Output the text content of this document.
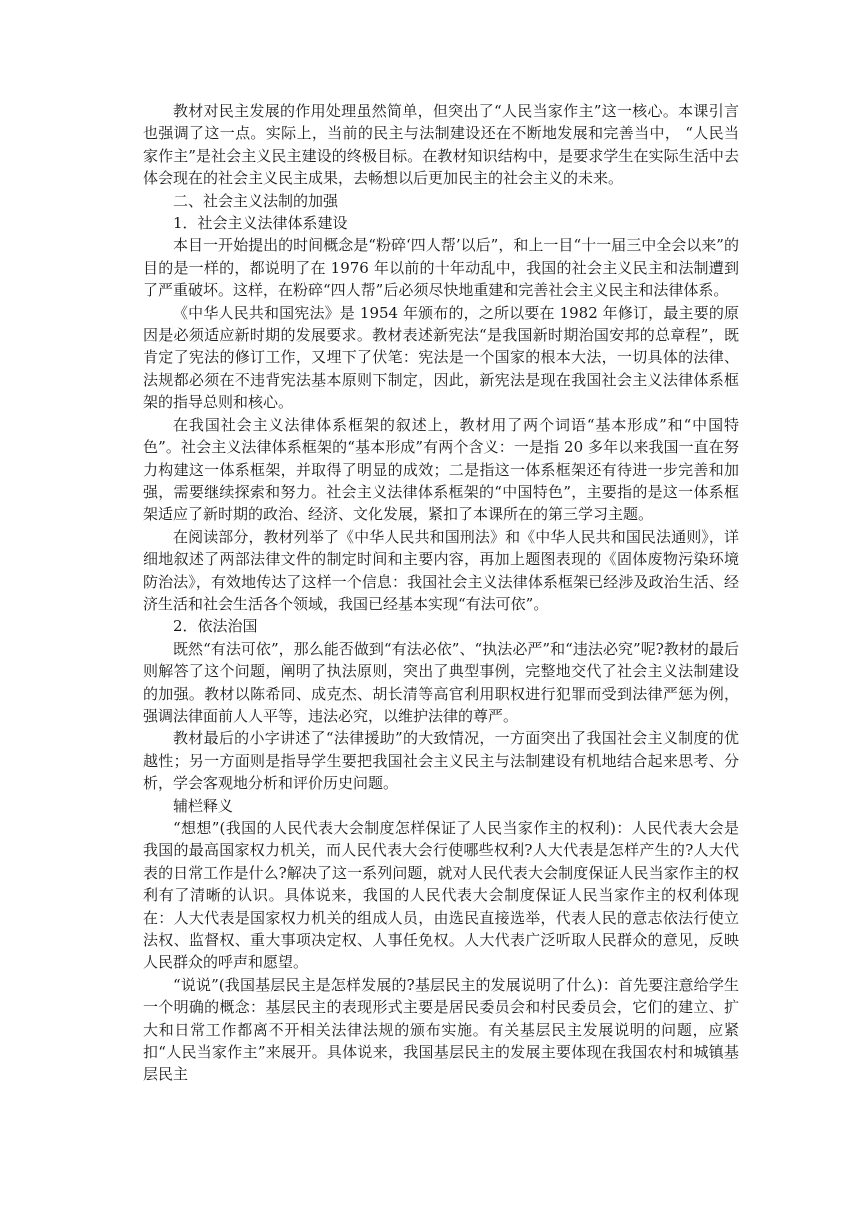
教材对民主发展的作用处理虽然简单，但突出了“人民当家作主”这一核心。本课引言也强调了这一点。实际上，当前的民主与法制建设还在不断地发展和完善当中， “人民当家作主”是社会主义民主建设的终极目标。在教材知识结构中，是要求学生在实际生活中去体会现在的社会主义民主成果，去畅想以后更加民主的社会主义的未来。

二、社会主义法制的加强

1．社会主义法律体系建设

本目一开始提出的时间概念是“粉碎‘四人帮’以后”，和上一目“十一届三中全会以来”的目的是一样的，都说明了在 1976 年以前的十年动乱中，我国的社会主义民主和法制遭到了严重破坏。这样，在粉碎“四人帮”后必须尽快地重建和完善社会主义民主和法律体系。

《中华人民共和国宪法》是 1954 年颁布的，之所以要在 1982 年修订，最主要的原因是必须适应新时期的发展要求。教材表述新宪法“是我国新时期治国安邦的总章程”，既肯定了宪法的修订工作，又埋下了伏笔：宪法是一个国家的根本大法，一切具体的法律、法规都必须在不违背宪法基本原则下制定，因此，新宪法是现在我国社会主义法律体系框架的指导总则和核心。

在我国社会主义法律体系框架的叙述上，教材用了两个词语“基本形成”和“中国特色”。社会主义法律体系框架的“基本形成”有两个含义：一是指 20 多年以来我国一直在努力构建这一体系框架，并取得了明显的成效；二是指这一体系框架还有待进一步完善和加强，需要继续探索和努力。社会主义法律体系框架的“中国特色”，主要指的是这一体系框架适应了新时期的政治、经济、文化发展，紧扣了本课所在的第三学习主题。

在阅读部分，教材列举了《中华人民共和国刑法》和《中华人民共和国民法通则》，详细地叙述了两部法律文件的制定时间和主要内容，再加上题图表现的《固体废物污染环境防治法》，有效地传达了这样一个信息：我国社会主义法律体系框架已经涉及政治生活、经济生活和社会生活各个领域，我国已经基本实现“有法可依”。

2．依法治国

既然“有法可依”，那么能否做到“有法必依”、“执法必严”和“违法必究”呢?教材的最后则解答了这个问题，阐明了执法原则，突出了典型事例，完整地交代了社会主义法制建设的加强。教材以陈希同、成克杰、胡长清等高官利用职权进行犯罪而受到法律严惩为例，强调法律面前人人平等，违法必究，以维护法律的尊严。

教材最后的小字讲述了“法律援助”的大致情况，一方面突出了我国社会主义制度的优越性；另一方面则是指导学生要把我国社会主义民主与法制建设有机地结合起来思考、分析，学会客观地分析和评价历史问题。

辅栏释义

“想想”(我国的人民代表大会制度怎样保证了人民当家作主的权利)：人民代表大会是我国的最高国家权力机关，而人民代表大会行使哪些权利?人大代表是怎样产生的?人大代表的日常工作是什么?解决了这一系列问题，就对人民代表大会制度保证人民当家作主的权利有了清晰的认识。具体说来，我国的人民代表大会制度保证人民当家作主的权利体现在：人大代表是国家权力机关的组成人员，由选民直接选举，代表人民的意志依法行使立法权、监督权、重大事项决定权、人事任免权。人大代表广泛听取人民群众的意见，反映人民群众的呼声和愿望。

“说说”(我国基层民主是怎样发展的?基层民主的发展说明了什么)：首先要注意给学生一个明确的概念：基层民主的表现形式主要是居民委员会和村民委员会，它们的建立、扩大和日常工作都离不开相关法律法规的颁布实施。有关基层民主发展说明的问题，应紧扣“人民当家作主”来展开。具体说来，我国基层民主的发展主要体现在我国农村和城镇基层民主
